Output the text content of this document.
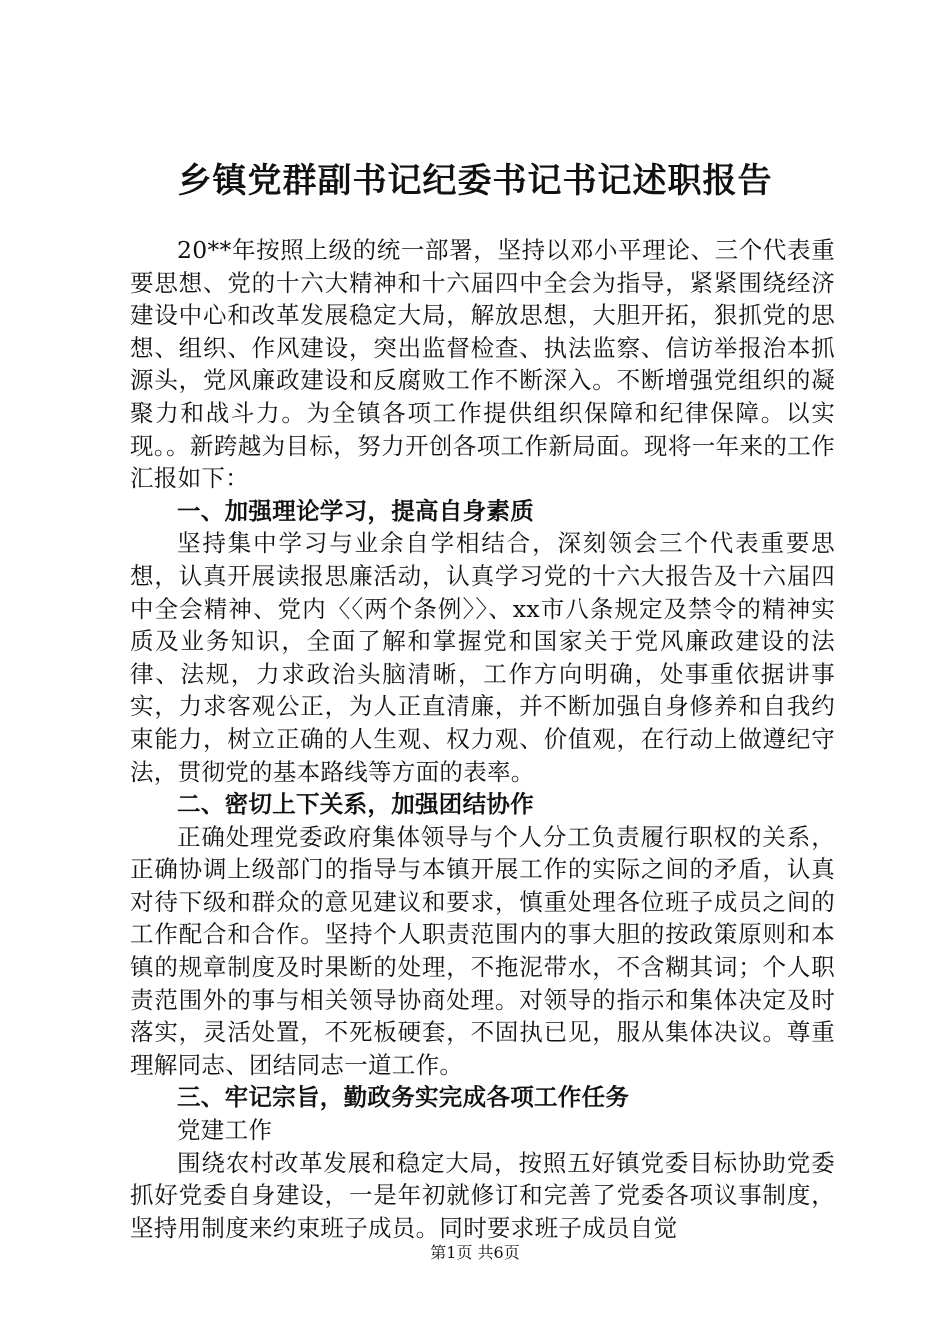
乡镇党群副书记纪委书记书记述职报告

20**年按照上级的统一部署，坚持以邓小平理论、三个代表重要思想、党的十六大精神和十六届四中全会为指导，紧紧围绕经济建设中心和改革发展稳定大局，解放思想，大胆开拓，狠抓党的思想、组织、作风建设，突出监督检查、执法监察、信访举报治本抓源头，党风廉政建设和反腐败工作不断深入。不断增强党组织的凝聚力和战斗力。为全镇各项工作提供组织保障和纪律保障。以实现。。新跨越为目标，努力开创各项工作新局面。现将一年来的工作汇报如下：

一、加强理论学习，提高自身素质

坚持集中学习与业余自学相结合，深刻领会三个代表重要思想，认真开展读报思廉活动，认真学习党的十六大报告及十六届四中全会精神、党内〈〈两个条例〉〉、xx市八条规定及禁令的精神实质及业务知识，全面了解和掌握党和国家关于党风廉政建设的法律、法规，力求政治头脑清晰，工作方向明确，处事重依据讲事实，力求客观公正，为人正直清廉，并不断加强自身修养和自我约束能力，树立正确的人生观、权力观、价值观，在行动上做遵纪守法，贯彻党的基本路线等方面的表率。

二、密切上下关系，加强团结协作

正确处理党委政府集体领导与个人分工负责履行职权的关系，正确协调上级部门的指导与本镇开展工作的实际之间的矛盾，认真对待下级和群众的意见建议和要求，慎重处理各位班子成员之间的工作配合和合作。坚持个人职责范围内的事大胆的按政策原则和本镇的规章制度及时果断的处理，不拖泥带水，不含糊其词；个人职责范围外的事与相关领导协商处理。对领导的指示和集体决定及时落实，灵活处置，不死板硬套，不固执已见，服从集体决议。尊重理解同志、团结同志一道工作。

三、牢记宗旨，勤政务实完成各项工作任务

党建工作

围绕农村改革发展和稳定大局，按照五好镇党委目标协助党委抓好党委自身建设，一是年初就修订和完善了党委各项议事制度，坚持用制度来约束班子成员。同时要求班子成员自觉

第1页 共6页
